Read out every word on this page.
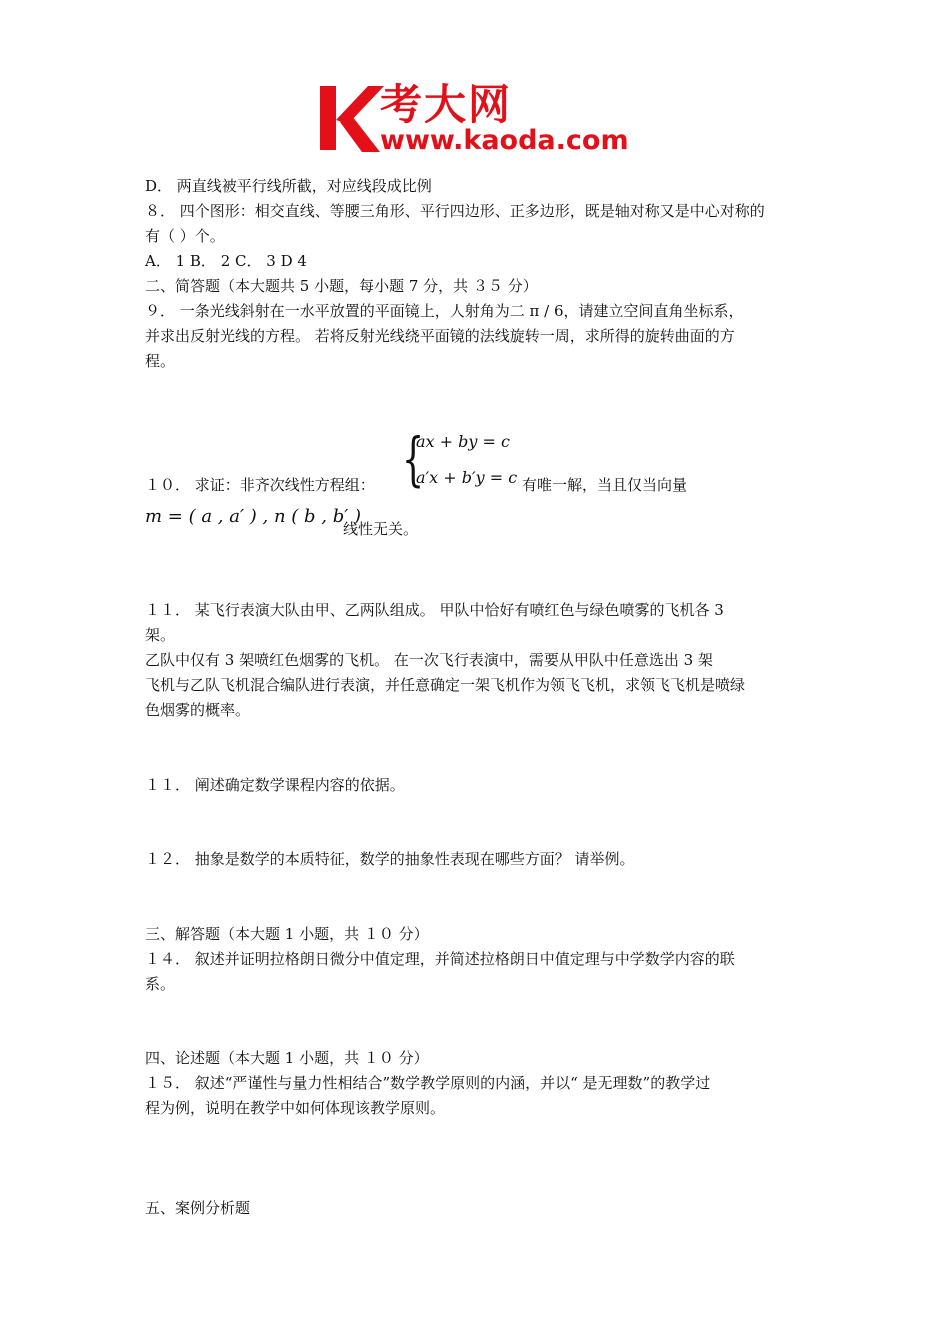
考大网
www.kaoda.com
D． 两直线被平行线所截，对应线段成比例
８． 四个图形：相交直线、等腰三角形、平行四边形、正多边形，既是轴对称又是中心对称的
有（ ）个。
A． 1 B． 2 C． 3 D 4
二、简答题（本大题共 5 小题，每小题 7 分，共 ３５ 分）
９． 一条光线斜射在一水平放置的平面镜上，人射角为二 π / 6，请建立空间直角坐标系，
并求出反射光线的方程。 若将反射光线绕平面镜的法线旋转一周，求所得的旋转曲面的方
程。
{
ax + by = c
a′x + b′y = c
１０． 求证：非齐次线性方程组：	有唯一解，当且仅当向量
m = ( a , a′ ) , n ( b , b′ )
线性无关。
１１． 某飞行表演大队由甲、乙两队组成。 甲队中恰好有喷红色与绿色喷雾的飞机各 3
架。
乙队中仅有 3 架喷红色烟雾的飞机。 在一次飞行表演中，需要从甲队中任意选出 3 架
飞机与乙队飞机混合编队进行表演，并任意确定一架飞机作为领飞飞机，求领飞飞机是喷绿
色烟雾的概率。
１１． 阐述确定数学课程内容的依据。
１２． 抽象是数学的本质特征，数学的抽象性表现在哪些方面？ 请举例。
三、解答题（本大题 1 小题，共 １０ 分）
１４． 叙述并证明拉格朗日微分中值定理，并简述拉格朗日中值定理与中学数学内容的联
系。
四、论述题（本大题 1 小题，共 １０ 分）
１５． 叙述“严谨性与量力性相结合”数学教学原则的内涵，并以“ 是无理数”的教学过
程为例，说明在教学中如何体现该教学原则。
五、案例分析题
